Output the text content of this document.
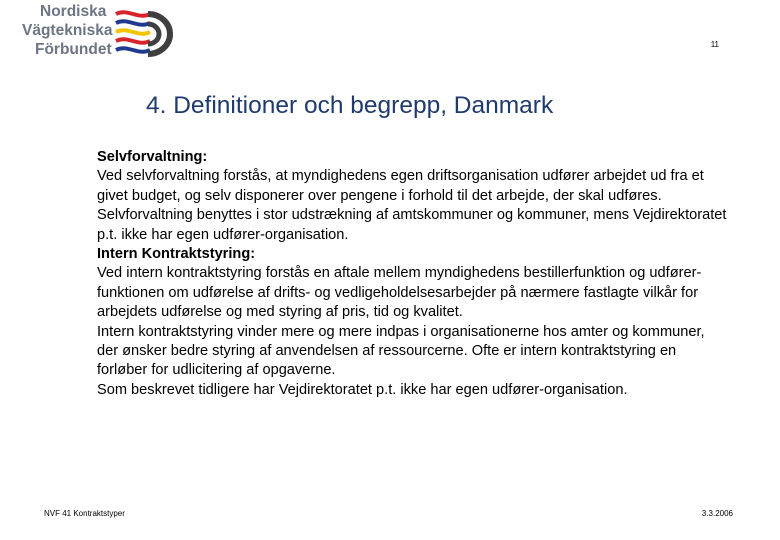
Nordiska
Vägtekniska
Förbundet	11
4. Definitioner och begrepp, Danmark

Selvforvaltning:

Ved selvforvaltning forstås, at myndighedens egen driftsorganisation udfører arbejdet ud fra et givet budget, og selv disponerer over pengene i forhold til det arbejde, der skal udføres.

Selvforvaltning benyttes i stor udstrækning af amtskommuner og kommuner, mens Vejdirektoratet p.t. ikke har egen udfører-organisation.

Intern Kontraktstyring:

Ved intern kontraktstyring forstås en aftale mellem myndighedens bestillerfunktion og udfører-funktionen om udførelse af drifts- og vedligeholdelsesarbejder på nærmere fastlagte vilkår for arbejdets udførelse og med styring af pris, tid og kvalitet.

Intern kontraktstyring vinder mere og mere indpas i organisationerne hos amter og kommuner, der ønsker bedre styring af anvendelsen af ressourcerne. Ofte er intern kontraktstyring en forløber for udlicitering af opgaverne.

Som beskrevet tidligere har Vejdirektoratet p.t. ikke har egen udfører-organisation.

NVF 41 Kontraktstyper	3.3.2006
